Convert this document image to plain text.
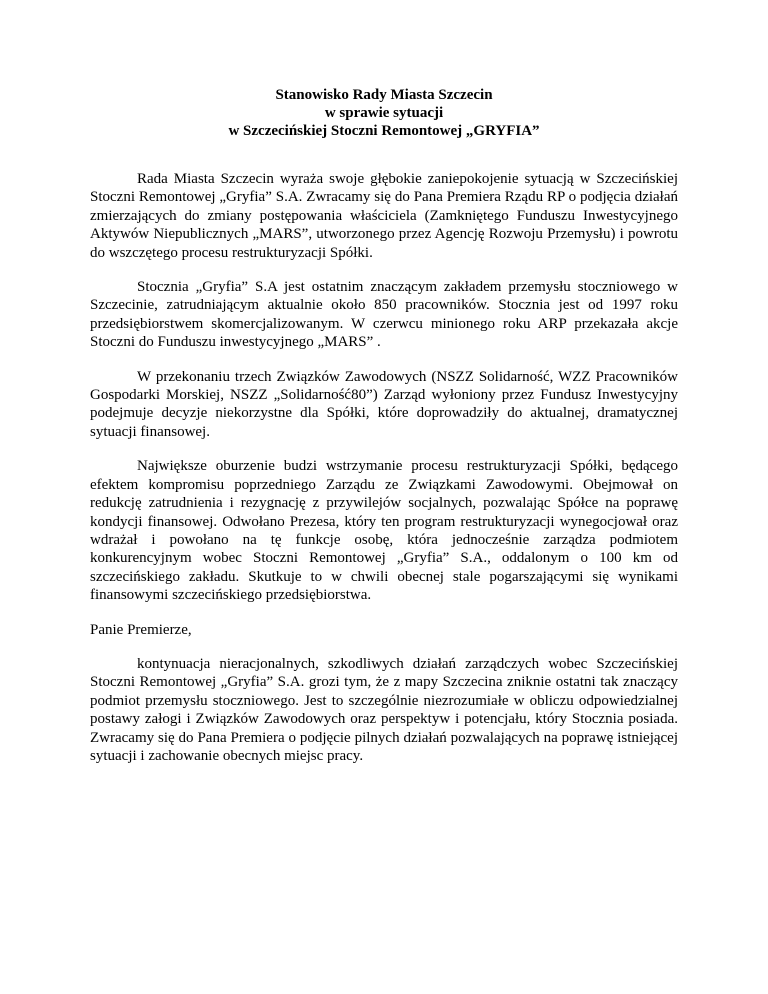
Stanowisko Rady Miasta Szczecin
w sprawie sytuacji
w Szczecińskiej Stoczni Remontowej „GRYFIA”

Rada Miasta Szczecin wyraża swoje głębokie zaniepokojenie sytuacją w Szczecińskiej Stoczni Remontowej „Gryfia” S.A. Zwracamy się do Pana Premiera Rządu RP o podjęcia działań zmierzających do zmiany postępowania właściciela (Zamkniętego Funduszu Inwestycyjnego Aktywów Niepublicznych „MARS”, utworzonego przez Agencję Rozwoju Przemysłu) i powrotu do wszczętego procesu restrukturyzacji Spółki.

Stocznia „Gryfia” S.A jest ostatnim znaczącym zakładem przemysłu stoczniowego w Szczecinie, zatrudniającym aktualnie około 850 pracowników. Stocznia jest od 1997 roku przedsiębiorstwem skomercjalizowanym. W czerwcu minionego roku ARP przekazała akcje Stoczni do Funduszu inwestycyjnego „MARS” .

W przekonaniu trzech Związków Zawodowych (NSZZ Solidarność, WZZ Pracowników Gospodarki Morskiej, NSZZ „Solidarność80”) Zarząd wyłoniony przez Fundusz Inwestycyjny podejmuje decyzje niekorzystne dla Spółki, które doprowadziły do aktualnej, dramatycznej sytuacji finansowej.

Największe oburzenie budzi wstrzymanie procesu restrukturyzacji Spółki, będącego efektem kompromisu poprzedniego Zarządu ze Związkami Zawodowymi. Obejmował on redukcję zatrudnienia i rezygnację z przywilejów socjalnych, pozwalając Spółce na poprawę kondycji finansowej. Odwołano Prezesa, który ten program restrukturyzacji wynegocjował oraz wdrażał i powołano na tę funkcje osobę, która jednocześnie zarządza podmiotem konkurencyjnym wobec Stoczni Remontowej „Gryfia” S.A., oddalonym o 100 km od szczecińskiego zakładu. Skutkuje to w chwili obecnej stale pogarszającymi się wynikami finansowymi szczecińskiego przedsiębiorstwa.

Panie Premierze,

kontynuacja nieracjonalnych, szkodliwych działań zarządczych wobec Szczecińskiej Stoczni Remontowej „Gryfia” S.A. grozi tym, że z mapy Szczecina zniknie ostatni tak znaczący podmiot przemysłu stoczniowego. Jest to szczególnie niezrozumiałe w obliczu odpowiedzialnej postawy załogi i Związków Zawodowych oraz perspektyw i potencjału, który Stocznia posiada. Zwracamy się do Pana Premiera o podjęcie pilnych działań pozwalających na poprawę istniejącej sytuacji i zachowanie obecnych miejsc pracy.
